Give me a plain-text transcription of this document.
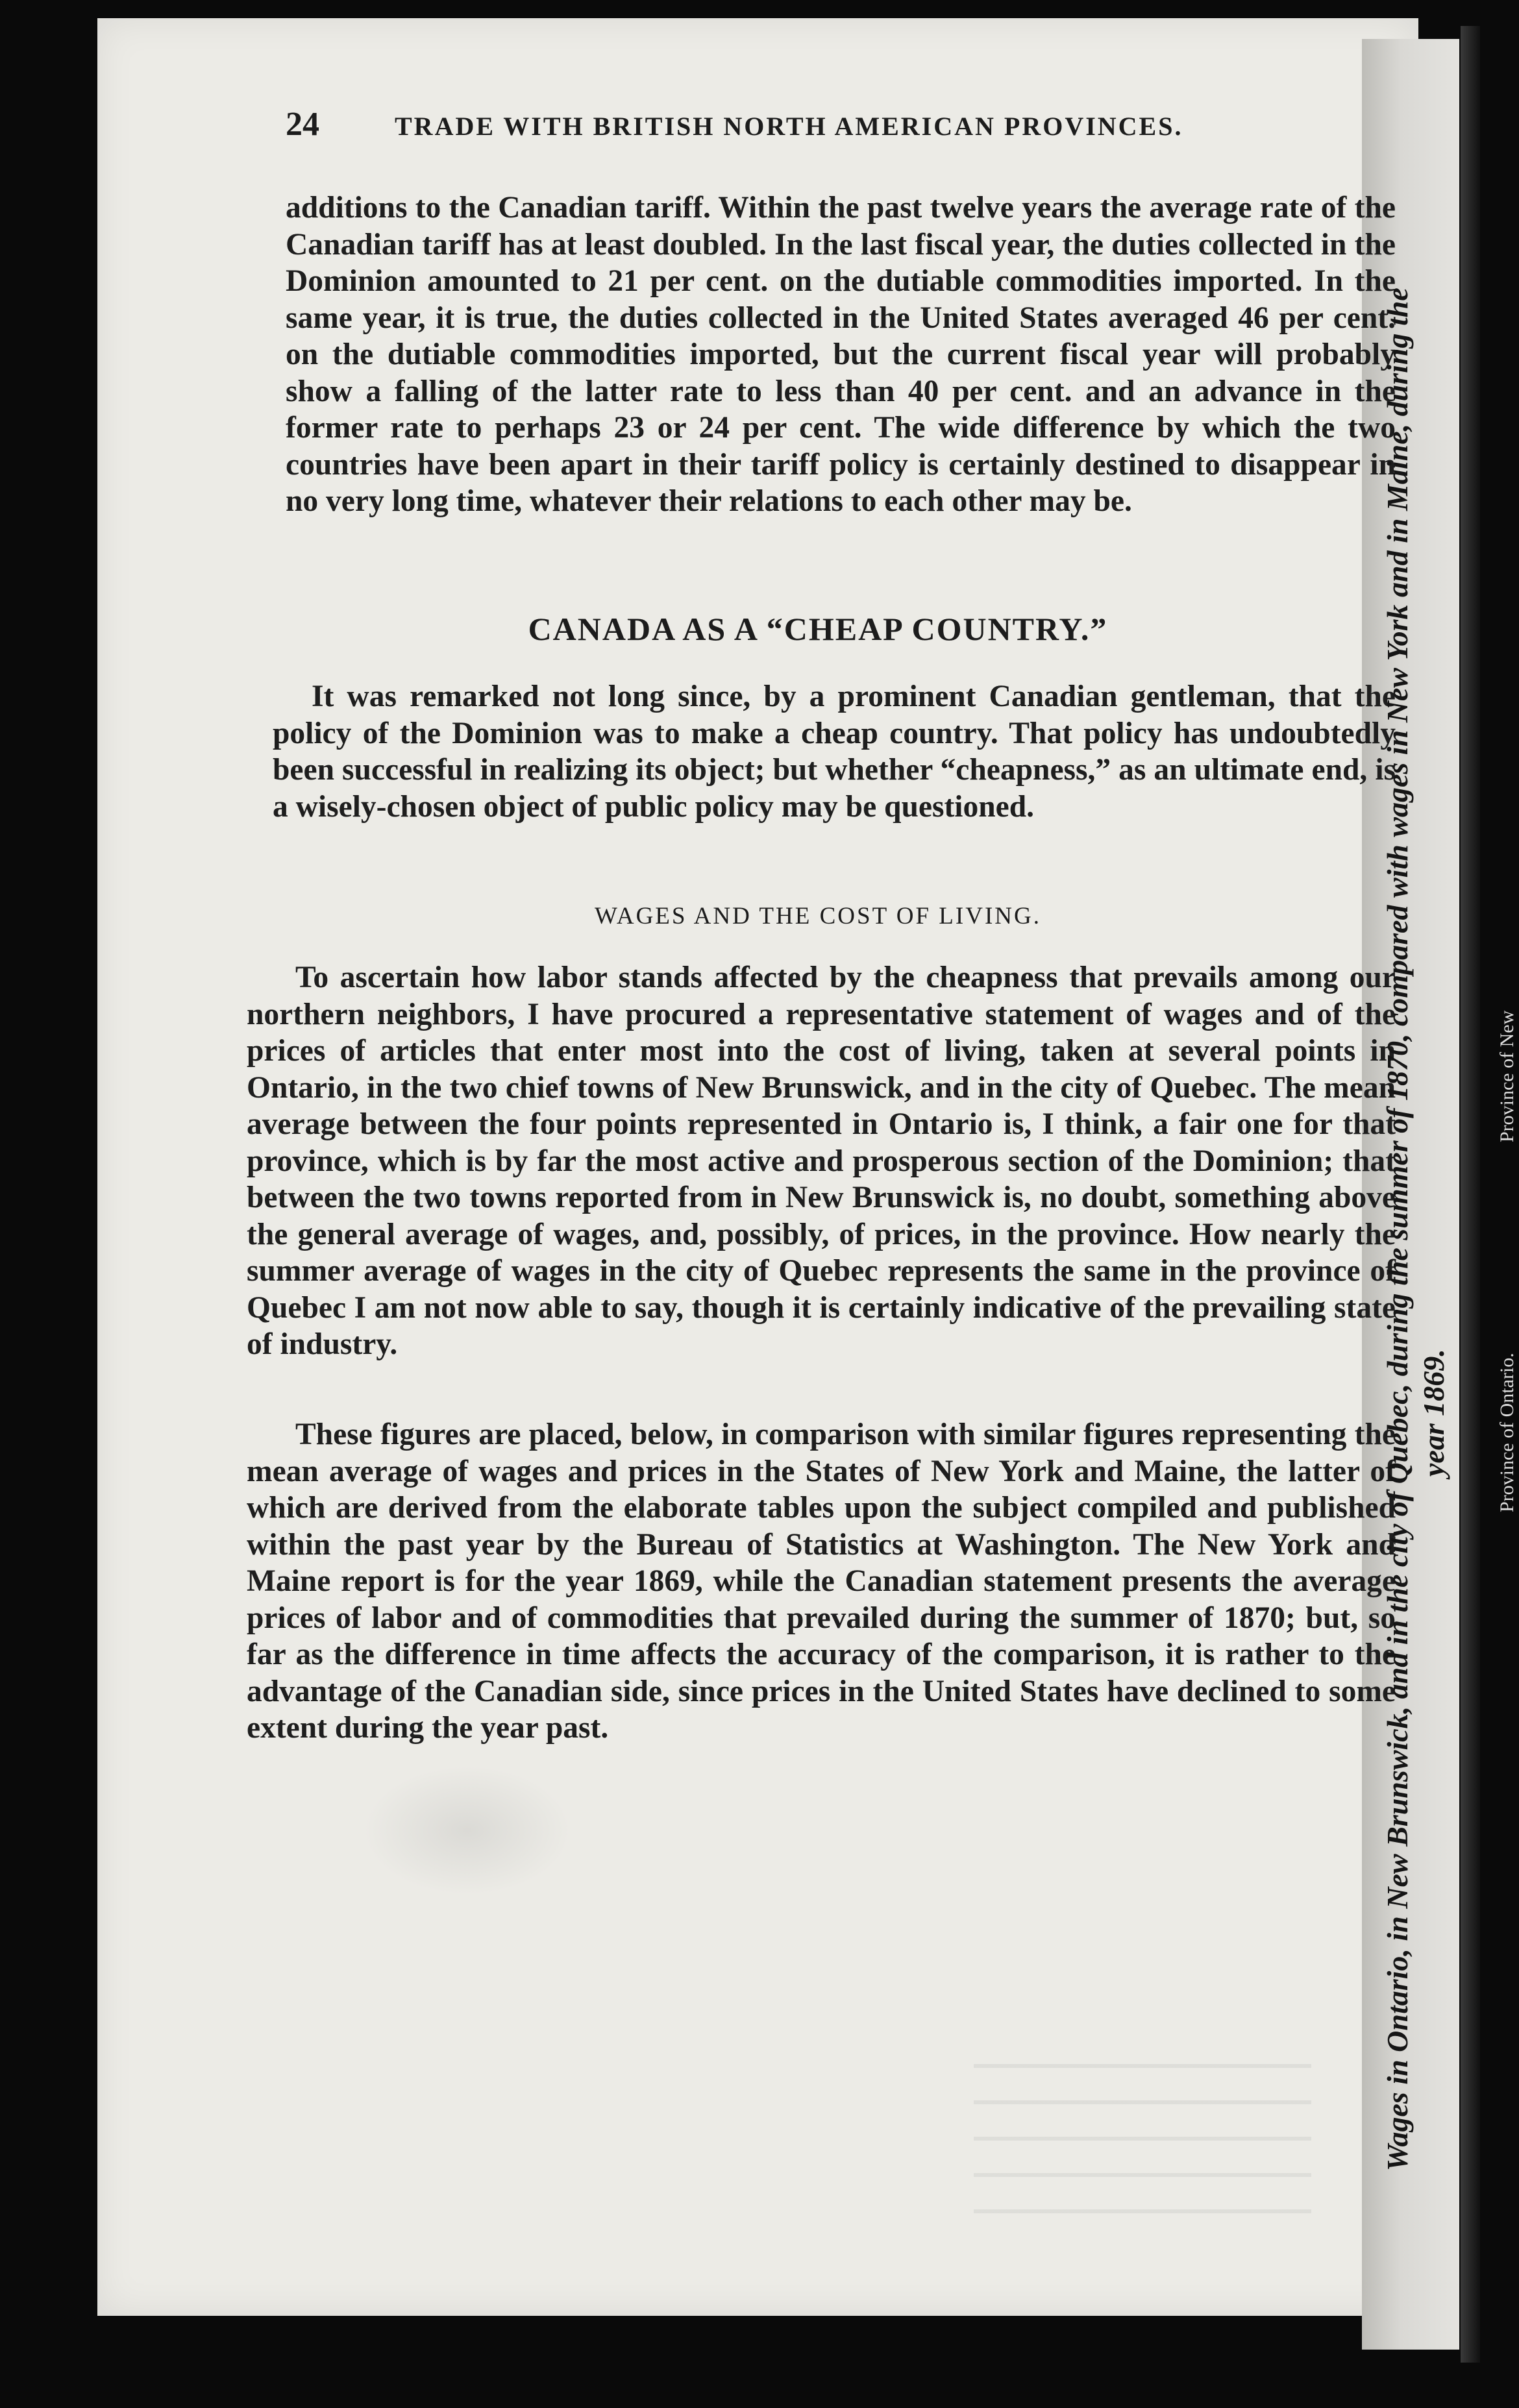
24	TRADE WITH BRITISH NORTH AMERICAN PROVINCES.
additions to the Canadian tariff. Within the past twelve years the average rate of the Canadian tariff has at least doubled. In the last fiscal year, the duties collected in the Dominion amounted to 21 per cent. on the dutiable commodities imported. In the same year, it is true, the duties collected in the United States averaged 46 per cent. on the dutiable commodities imported, but the current fiscal year will probably show a falling of the latter rate to less than 40 per cent. and an advance in the former rate to perhaps 23 or 24 per cent. The wide difference by which the two countries have been apart in their tariff policy is certainly destined to disappear in no very long time, whatever their relations to each other may be.
CANADA AS A “CHEAP COUNTRY.”
It was remarked not long since, by a prominent Canadian gentleman, that the policy of the Dominion was to make a cheap country. That policy has undoubtedly been successful in realizing its object; but whether “cheapness,” as an ultimate end, is a wisely-chosen object of public policy may be questioned.
WAGES AND THE COST OF LIVING.
To ascertain how labor stands affected by the cheapness that prevails among our northern neighbors, I have procured a representative statement of wages and of the prices of articles that enter most into the cost of living, taken at several points in Ontario, in the two chief towns of New Brunswick, and in the city of Quebec. The mean average between the four points represented in Ontario is, I think, a fair one for that province, which is by far the most active and prosperous section of the Dominion; that between the two towns reported from in New Brunswick is, no doubt, something above the general average of wages, and, possibly, of prices, in the province. How nearly the summer average of wages in the city of Quebec represents the same in the province of Quebec I am not now able to say, though it is certainly indicative of the prevailing state of industry.
These figures are placed, below, in comparison with similar figures representing the mean average of wages and prices in the States of New York and Maine, the latter of which are derived from the elaborate tables upon the subject compiled and published within the past year by the Bureau of Statistics at Washington. The New York and Maine report is for the year 1869, while the Canadian statement presents the average prices of labor and of commodities that prevailed during the summer of 1870; but, so far as the difference in time affects the accuracy of the comparison, it is rather to the advantage of the Canadian side, since prices in the United States have declined to some extent during the year past.	Wages in Ontario, in New Brunswick, and in the city of Quebec, during the summer of 1870, compared with wages in New York and in Maine, during the year 1869.
Province of New
Province of Ontario.
